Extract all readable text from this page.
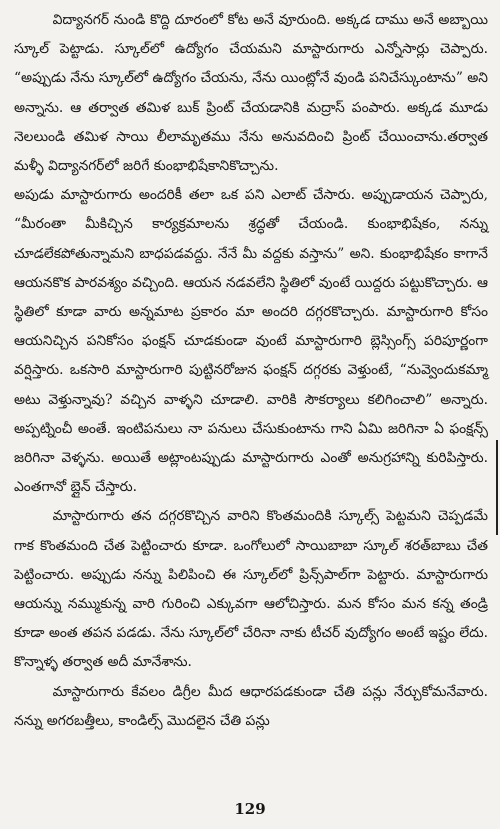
విద్యానగర్ నుండి కొద్ది దూరంలో కోట అనే వూరుంది. అక్కడ దాము అనే అబ్బాయి స్కూల్ పెట్టాడు. స్కూల్‌లో ఉద్యోగం చేయమని మాస్టారుగారు ఎన్నోసార్లు చెప్పారు. “అప్పుడు నేను స్కూల్‌లో ఉద్యోగం చేయను, నేను యింట్లోనే వుండి పనిచేస్కుంటాను” అని అన్నాను. ఆ తర్వాత తమిళ బుక్ ప్రింట్ చేయడానికి మద్రాస్ పంపారు. అక్కడ మూడు నెలలుండి తమిళ సాయి లీలామృతము నేను అనువదించి ప్రింట్ చేయించాను.తర్వాత మళ్ళీ విద్యానగర్‌లో జరిగే కుంభాభిషేకానికొచ్చాను.

అపుడు మాస్టారుగారు అందరికీ తలా ఒక పని ఎలాట్ చేసారు. అప్పుడాయన చెప్పారు, “మీరంతా మీకిచ్చిన కార్యక్రమాలను శ్రద్ధతో చేయండి. కుంభాభిషేకం, నన్ను చూడలేకపోతున్నామని బాధపడవద్దు. నేనే మీ వద్దకు వస్తాను” అని. కుంభాభిషేకం కాగానే ఆయనకొక పారవశ్యం వచ్చింది. ఆయన నడవలేని స్థితిలో వుంటే యిద్దరు పట్టుకొచ్చారు. ఆ స్థితిలో కూడా వారు అన్నమాట ప్రకారం మా అందరి దగ్గరకొచ్చారు. మాస్టారుగారి కోసం ఆయనిచ్చిన పనికోసం ఫంక్షన్ చూడకుండా వుంటే మాస్టారుగారి బ్లెస్సింగ్స్ పరిపూర్ణంగా వర్షిస్తారు. ఒకసారి మాస్టారుగారి పుట్టినరోజున ఫంక్షన్ దగ్గరకు వెళ్తుంటే, “నువ్వెందుకమ్మా అటు వెళ్తున్నావు? వచ్చిన వాళ్ళని చూడాలి. వారికి సౌకర్యాలు కలిగించాలి” అన్నారు. అప్పట్నించీ అంతే. ఇంటిపనులు నా పనులు చేసుకుంటాను గాని ఏమి జరిగినా ఏ ఫంక్షన్స్ జరిగినా వెళ్ళను. అయితే అట్లాంటప్పుడు మాస్టారుగారు ఎంతో అనుగ్రహాన్ని కురిపిస్తారు. ఎంతగానో బ్లైన్ చేస్తారు.

మాస్టారుగారు తన దగ్గరకొచ్చిన వారిని కొంతమందికి స్కూల్స్ పెట్టమని చెప్పడమే గాక కొంతమంది చేత పెట్టించారు కూడా. ఒంగోలులో సాయిబాబా స్కూల్ శరత్‌బాబు చేత పెట్టించారు. అప్పుడు నన్ను పిలిపించి ఈ స్కూల్‌లో ప్రిన్స్‌పాల్‌గా పెట్టారు. మాస్టారుగారు ఆయన్ను నమ్ముకున్న వారి గురించి ఎక్కువగా ఆలోచిస్తారు. మన కోసం మన కన్న తండ్రి కూడా అంత తపన పడడు. నేను స్కూల్‌లో చేరినా నాకు టీచర్ వుద్యోగం అంటే ఇష్టం లేదు. కొన్నాళ్ళ తర్వాత అదీ మానేశాను.

మాస్టారుగారు కేవలం డిగ్రీల మీద ఆధారపడకుండా చేతి పన్లు నేర్చుకోమనేవారు. నన్ను అగరబత్తీలు, కాండిల్స్ మొదలైన చేతి పన్లు

129
